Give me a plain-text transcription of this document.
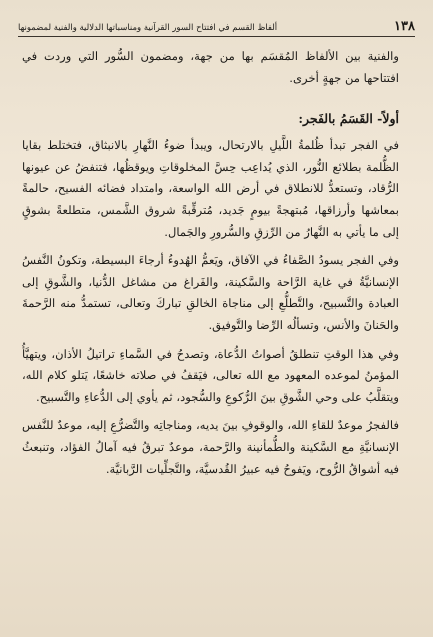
١٣٨
ألفاظ القسم في افتتاح السور القرآنية ومناسباتها الدلالية والفنية لمضمونها

والفنية بين الألفاظ المُقسَم بها من جهة، ومضمون السُّور التي وردت في افتتاحها من جهةٍ أخرى.

أولاً- القَسَمُ بالفَجر:

في الفجر تبدأ ظُلمةُ اللَّيلِ بالارتحال، ويبدأ ضوءُ النَّهارِ بالانبثاق، فتختلط بقايا الظُّلمة بطلائع النُّور، الذي يُداعِب حِسَّ المخلوقاتِ ويوقظُها، فتنفضُ عن عيونها الرُّقاد، وتستعدُّ للانطلاق في أرض الله الواسعة، وامتداد فضائه الفسيح، حالمةً بمعاشها وأرزاقها، مُبتهجةً بيومٍ جَديد، مُترقِّبةً شروق الشَّمس، متطلعةً بشوقٍ إلى ما يأتي به النَّهارُ من الرِّزقِ والسُّرورِ والجَمال.

وفي الفجر يسودُ الصَّفاءُ في الآفاق، ويَعمُّ الهُدوءُ أرجاءَ البسيطة، وتكونُ النَّفسُ الإنسانيَّةُ في غاية الرَّاحة والسَّكينة، والفَراغ من مشاغل الدُّنيا، والشَّوقِ إلى العبادة والتَّسبيح، والتَّطلُّعِ إلى مناجاة الخالقِ تباركَ وتعالى، تستمدُّ منه الرَّحمةَ والحَنانَ والأنس، وتسألُه الرِّضا والتَّوفيق.

وفي هذا الوقتِ تنطلقُ أصواتُ الدُّعاة، وتصدحُ في السَّماءِ تراتيلُ الأذان، ويتهيَّأُ المؤمنُ لموعده المعهود مع الله تعالى، فيَقفُ في صلاته خاشعًا، يَتلو كلام الله، ويتقلَّبُ على وحي الشَّوقِ بينَ الرُّكوعِ والسُّجود، ثم يأوي إلى الدُّعاءِ والتَّسبيح.

فالفجرُ موعدٌ للقاءِ الله، والوقوفِ بينَ يديه، ومناجاتِه والتَّضرُّعِ إليه، موعدٌ للنَّفس الإنسانيَّةِ مع السَّكينة والطُّمأنينة والرَّحمة، موعدٌ تبرقُ فيه آمالُ الفؤاد، وتنبعثُ فيه أشواقُ الرُّوح، ويَفوحُ فيه عبيرُ القُدسيَّة، والتَّجلِّيات الرَّبانيَّة.
